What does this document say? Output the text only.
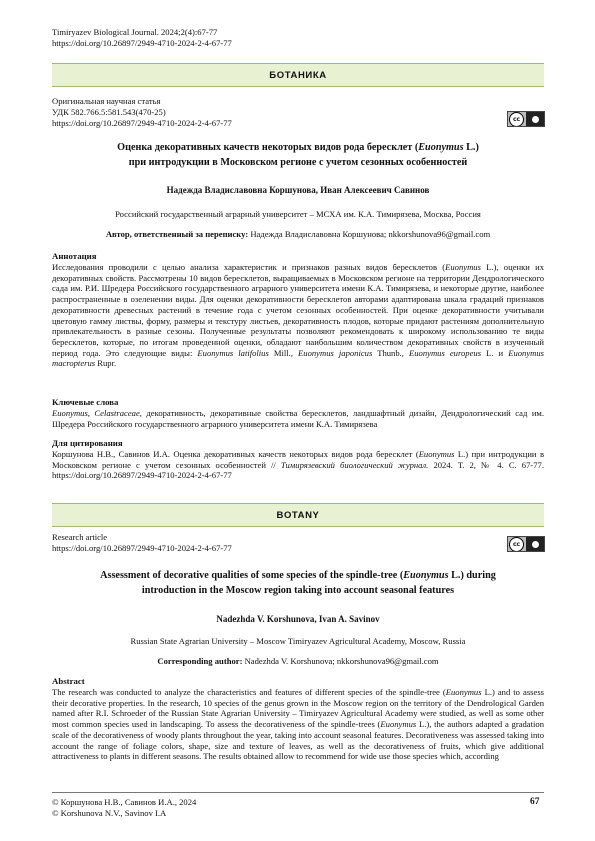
Timiryazev Biological Journal. 2024;2(4):67-77
https://doi.org/10.26897/2949-4710-2024-2-4-67-77
БОТАНИКА
Оригинальная научная статья
УДК 582.766.5:581.543(470-25)
https://doi.org/10.26897/2949-4710-2024-2-4-67-77	cc
Оценка декоративных качеств некоторых видов рода бересклет (Euonymus L.)
при интродукции в Московском регионе с учетом сезонных особенностей
Надежда Владиславовна Коршунова, Иван Алексеевич Савинов
Российский государственный аграрный университет – МСХА им. К.А. Тимирязева, Москва, Россия
Автор, ответственный за переписку: Надежда Владиславовна Коршунова; nkkorshunova96@gmail.com
Аннотация
Исследования проводили с целью анализа характеристик и признаков разных видов бересклетов (Euonymus L.), оценки их декоративных свойств. Рассмотрены 10 видов бересклетов, выращиваемых в Московском регионе на территории Дендрологического сада им. Р.И. Шредера Российского государственного аграрного университета имени К.А. Тимирязева, и некоторые другие, наиболее распространенные в озеленении виды. Для оценки декоративности бересклетов авторами адаптирована шкала градаций признаков декоративности древесных растений в течение года с учетом сезонных особенностей. При оценке декоративности учитывали цветовую гамму листвы, форму, размеры и текстуру листьев, декоративность плодов, которые придают растениям дополнительную привлекательность в разные сезоны. Полученные результаты позволяют рекомендовать к широкому использованию те виды бересклетов, которые, по итогам проведенной оценки, обладают наибольшим количеством декоративных свойств в изученный период года. Это следующие виды: Euonymus latifolius Mill., Euonymus japonicus Thunb., Euonymus europeus L. и Euonymus macropterus Rupr.
Ключевые слова
Euonymus, Celastraceae, декоративность, декоративные свойства бересклетов, ландшафтный дизайн, Дендрологический сад им. Шредера Российского государственного аграрного университета имени К.А. Тимирязева
Для цитирования
Коршунова Н.В., Савинов И.А. Оценка декоративных качеств некоторых видов рода бересклет (Euonymus L.) при интродукции в Московском регионе с учетом сезонных особенностей // Тимирязевский биологический журнал. 2024. Т. 2, № 4. С. 67-77. https://doi.org/10.26897/2949-4710-2024-2-4-67-77
BOTANY
Research article
https://doi.org/10.26897/2949-4710-2024-2-4-67-77	cc
Assessment of decorative qualities of some species of the spindle-tree (Euonymus L.) during
introduction in the Moscow region taking into account seasonal features
Nadezhda V. Korshunova, Ivan A. Savinov
Russian State Agrarian University – Moscow Timiryazev Agricultural Academy, Moscow, Russia
Corresponding author: Nadezhda V. Korshunova; nkkorshunova96@gmail.com
Abstract
The research was conducted to analyze the characteristics and features of different species of the spindle-tree (Euonymus L.) and to assess their decorative properties. In the research, 10 species of the genus grown in the Moscow region on the territory of the Dendrological Garden named after R.I. Schroeder of the Russian State Agrarian University – Timiryazev Agricultural Academy were studied, as well as some other most common species used in landscaping. To assess the decorativeness of the spindle-trees (Euonymus L.), the authors adapted a gradation scale of the decorativeness of woody plants throughout the year, taking into account seasonal features. Decorativeness was assessed taking into account the range of foliage colors, shape, size and texture of leaves, as well as the decorativeness of fruits, which give additional attractiveness to plants in different seasons. The results obtained allow to recommend for wide use those species which, according
© Коршунова Н.В., Савинов И.А., 2024
© Korshunova N.V., Savinov I.A
67
